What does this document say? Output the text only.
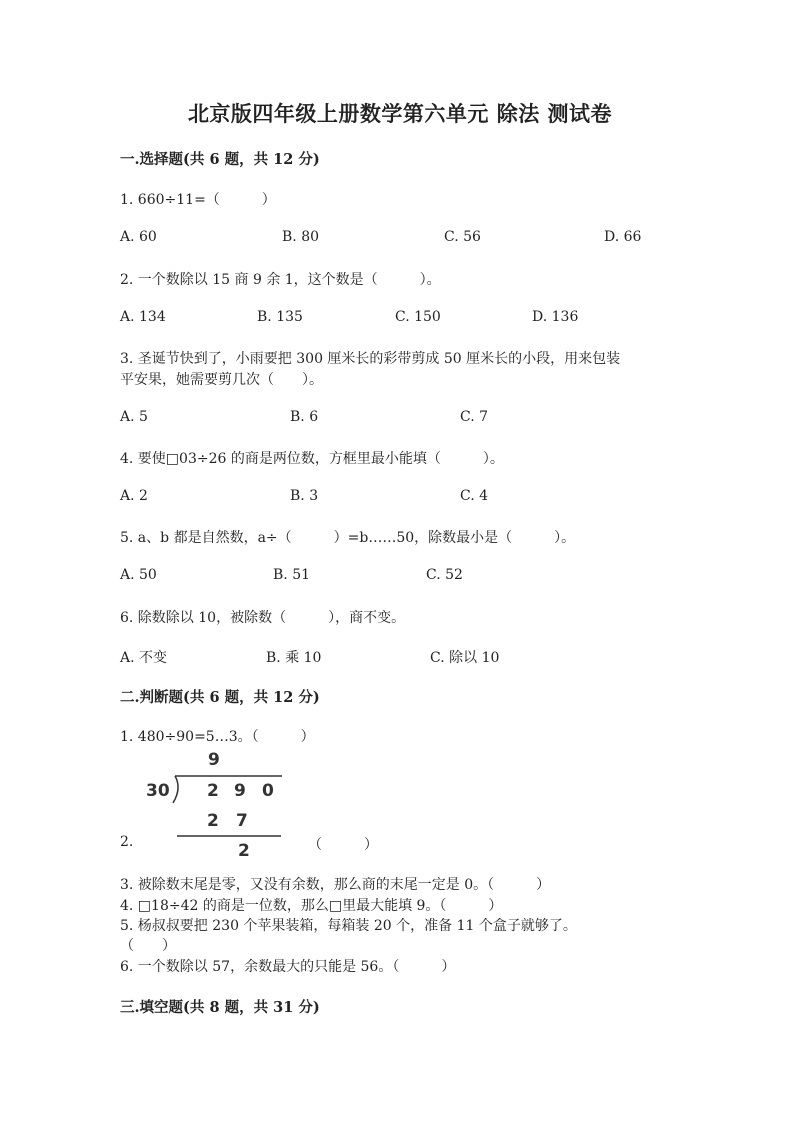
北京版四年级上册数学第六单元 除法 测试卷
一.选择题(共 6 题，共 12 分)
1. 660÷11=（　　　）
A. 60	B. 80	C. 56	D. 66
2. 一个数除以 15 商 9 余 1，这个数是（　　　）。
A. 134	B. 135	C. 150	D. 136
3. 圣诞节快到了，小雨要把 300 厘米长的彩带剪成 50 厘米长的小段，用来包装
平安果，她需要剪几次（　　）。
A. 5	B. 6	C. 7
4. 要使□03÷26 的商是两位数，方框里最小能填（　　　）。
A. 2	B. 3	C. 4
5. a、b 都是自然数，a÷（　　　）=b……50，除数最小是（　　　）。
A. 50	B. 51	C. 52
6. 除数除以 10，被除数（　　　），商不变。
A. 不变	B. 乘 10	C. 除以 10
二.判断题(共 6 题，共 12 分)
1. 480÷90=5…3。（　　　）
9
30 2 9 0
2 7
2
2.	（　　　）
3. 被除数末尾是零，又没有余数，那么商的末尾一定是 0。（　　　）
4. □18÷42 的商是一位数，那么□里最大能填 9。（　　　）
5. 杨叔叔要把 230 个苹果装箱，每箱装 20 个，准备 11 个盒子就够了。
（　　）
6. 一个数除以 57，余数最大的只能是 56。（　　　）
三.填空题(共 8 题，共 31 分)
